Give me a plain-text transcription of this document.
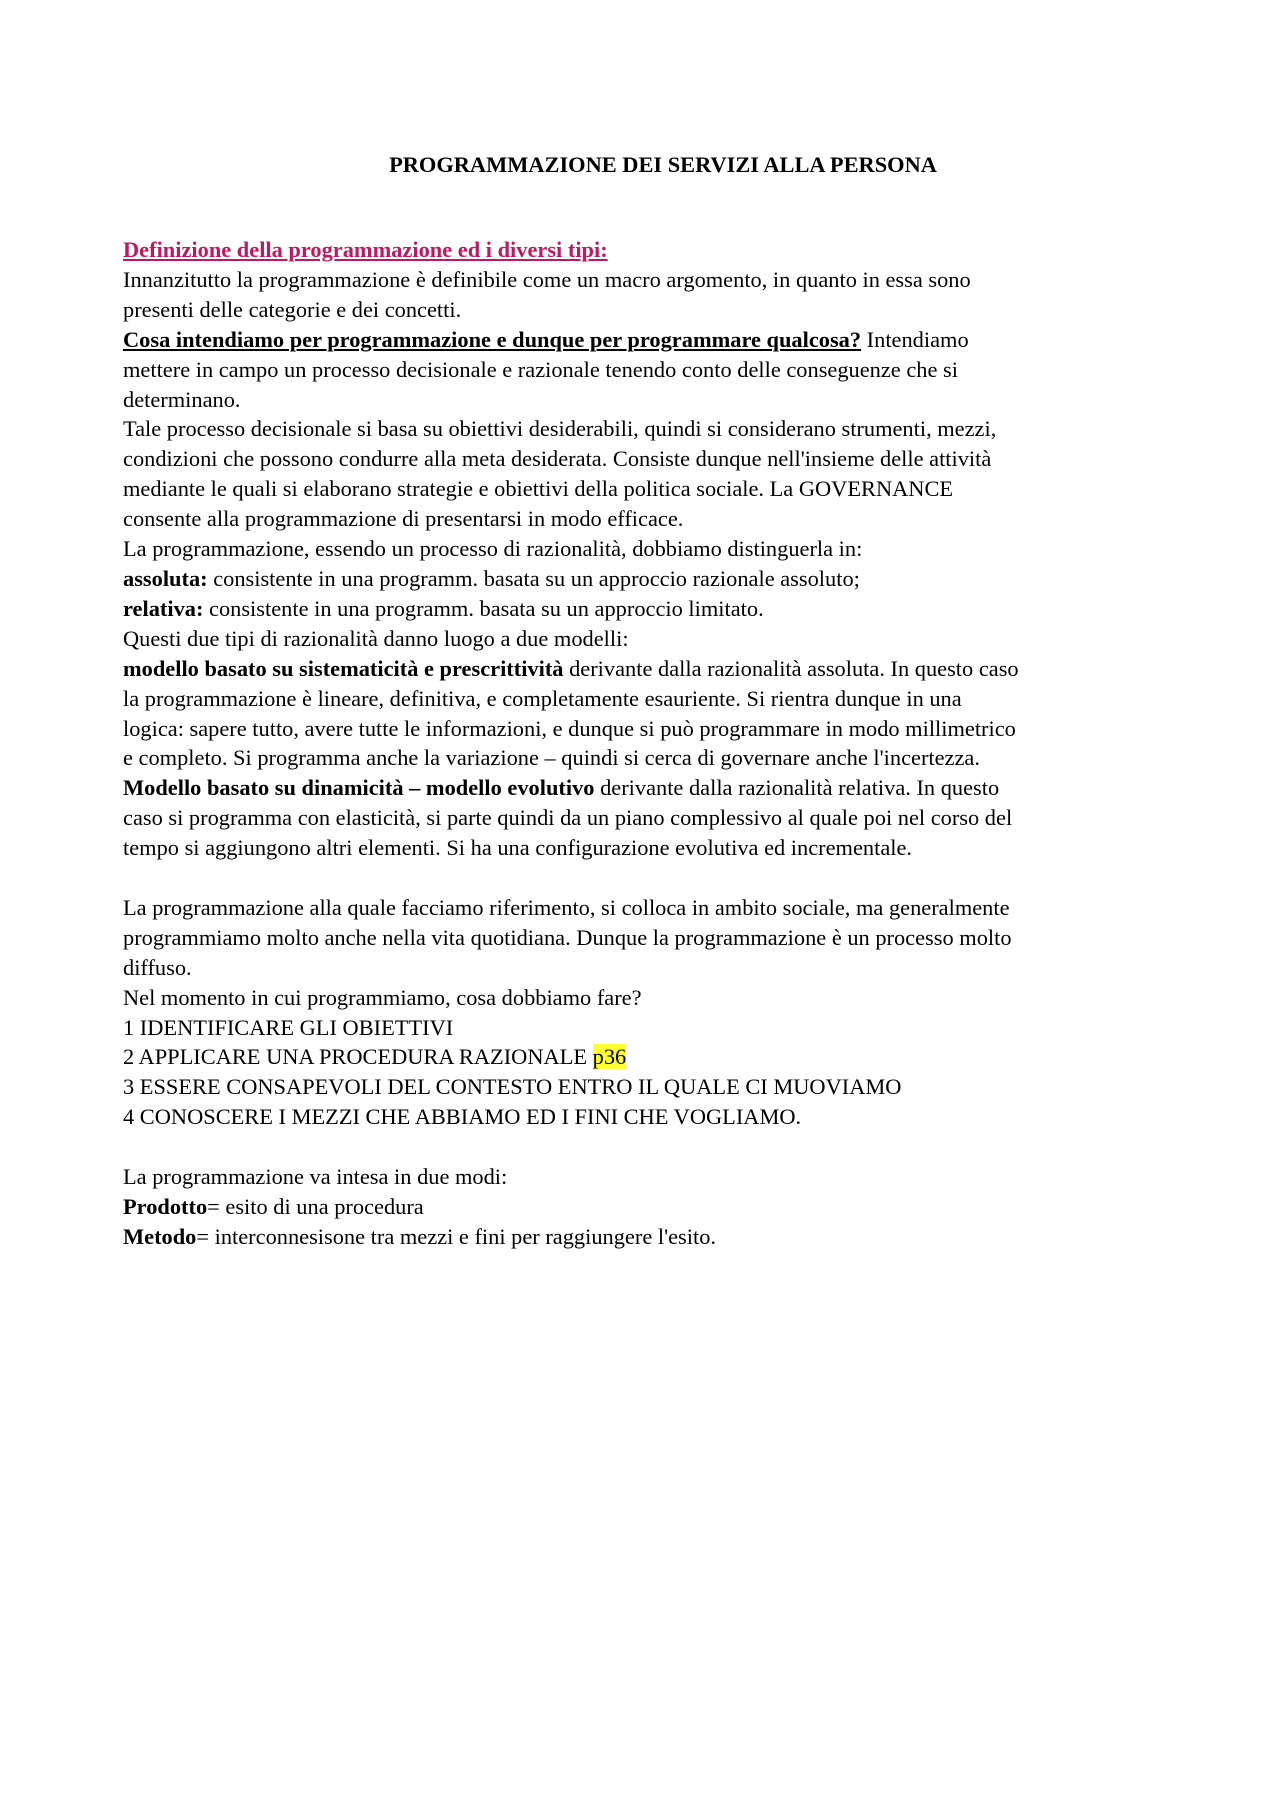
PROGRAMMAZIONE DEI SERVIZI ALLA PERSONA

Definizione della programmazione ed i diversi tipi:

Innanzitutto la programmazione è definibile come un macro argomento, in quanto in essa sono

presenti delle categorie e dei concetti.

Cosa intendiamo per programmazione e dunque per programmare qualcosa? Intendiamo

mettere in campo un processo decisionale e razionale tenendo conto delle conseguenze che si

determinano.

Tale processo decisionale si basa su obiettivi desiderabili, quindi si considerano strumenti, mezzi,

condizioni che possono condurre alla meta desiderata. Consiste dunque nell'insieme delle attività

mediante le quali si elaborano strategie e obiettivi della politica sociale. La GOVERNANCE

consente alla programmazione di presentarsi in modo efficace.

La programmazione, essendo un processo di razionalità, dobbiamo distinguerla in:

assoluta: consistente in una programm. basata su un approccio razionale assoluto;

relativa: consistente in una programm. basata su un approccio limitato.

Questi due tipi di razionalità danno luogo a due modelli:

modello basato su sistematicità e prescrittività derivante dalla razionalità assoluta. In questo caso

la programmazione è lineare, definitiva, e completamente esauriente. Si rientra dunque in una

logica: sapere tutto, avere tutte le informazioni, e dunque si può programmare in modo millimetrico

e completo. Si programma anche la variazione – quindi si cerca di governare anche l'incertezza.

Modello basato su dinamicità – modello evolutivo derivante dalla razionalità relativa. In questo

caso si programma con elasticità, si parte quindi da un piano complessivo al quale poi nel corso del

tempo si aggiungono altri elementi. Si ha una configurazione evolutiva ed incrementale.

La programmazione alla quale facciamo riferimento, si colloca in ambito sociale, ma generalmente

programmiamo molto anche nella vita quotidiana. Dunque la programmazione è un processo molto

diffuso.

Nel momento in cui programmiamo, cosa dobbiamo fare?

1 IDENTIFICARE GLI OBIETTIVI

2 APPLICARE UNA PROCEDURA RAZIONALE p36

3 ESSERE CONSAPEVOLI DEL CONTESTO ENTRO IL QUALE CI MUOVIAMO

4 CONOSCERE I MEZZI CHE ABBIAMO ED I FINI CHE VOGLIAMO.

La programmazione va intesa in due modi:

Prodotto= esito di una procedura

Metodo= interconnesisone tra mezzi e fini per raggiungere l'esito.
